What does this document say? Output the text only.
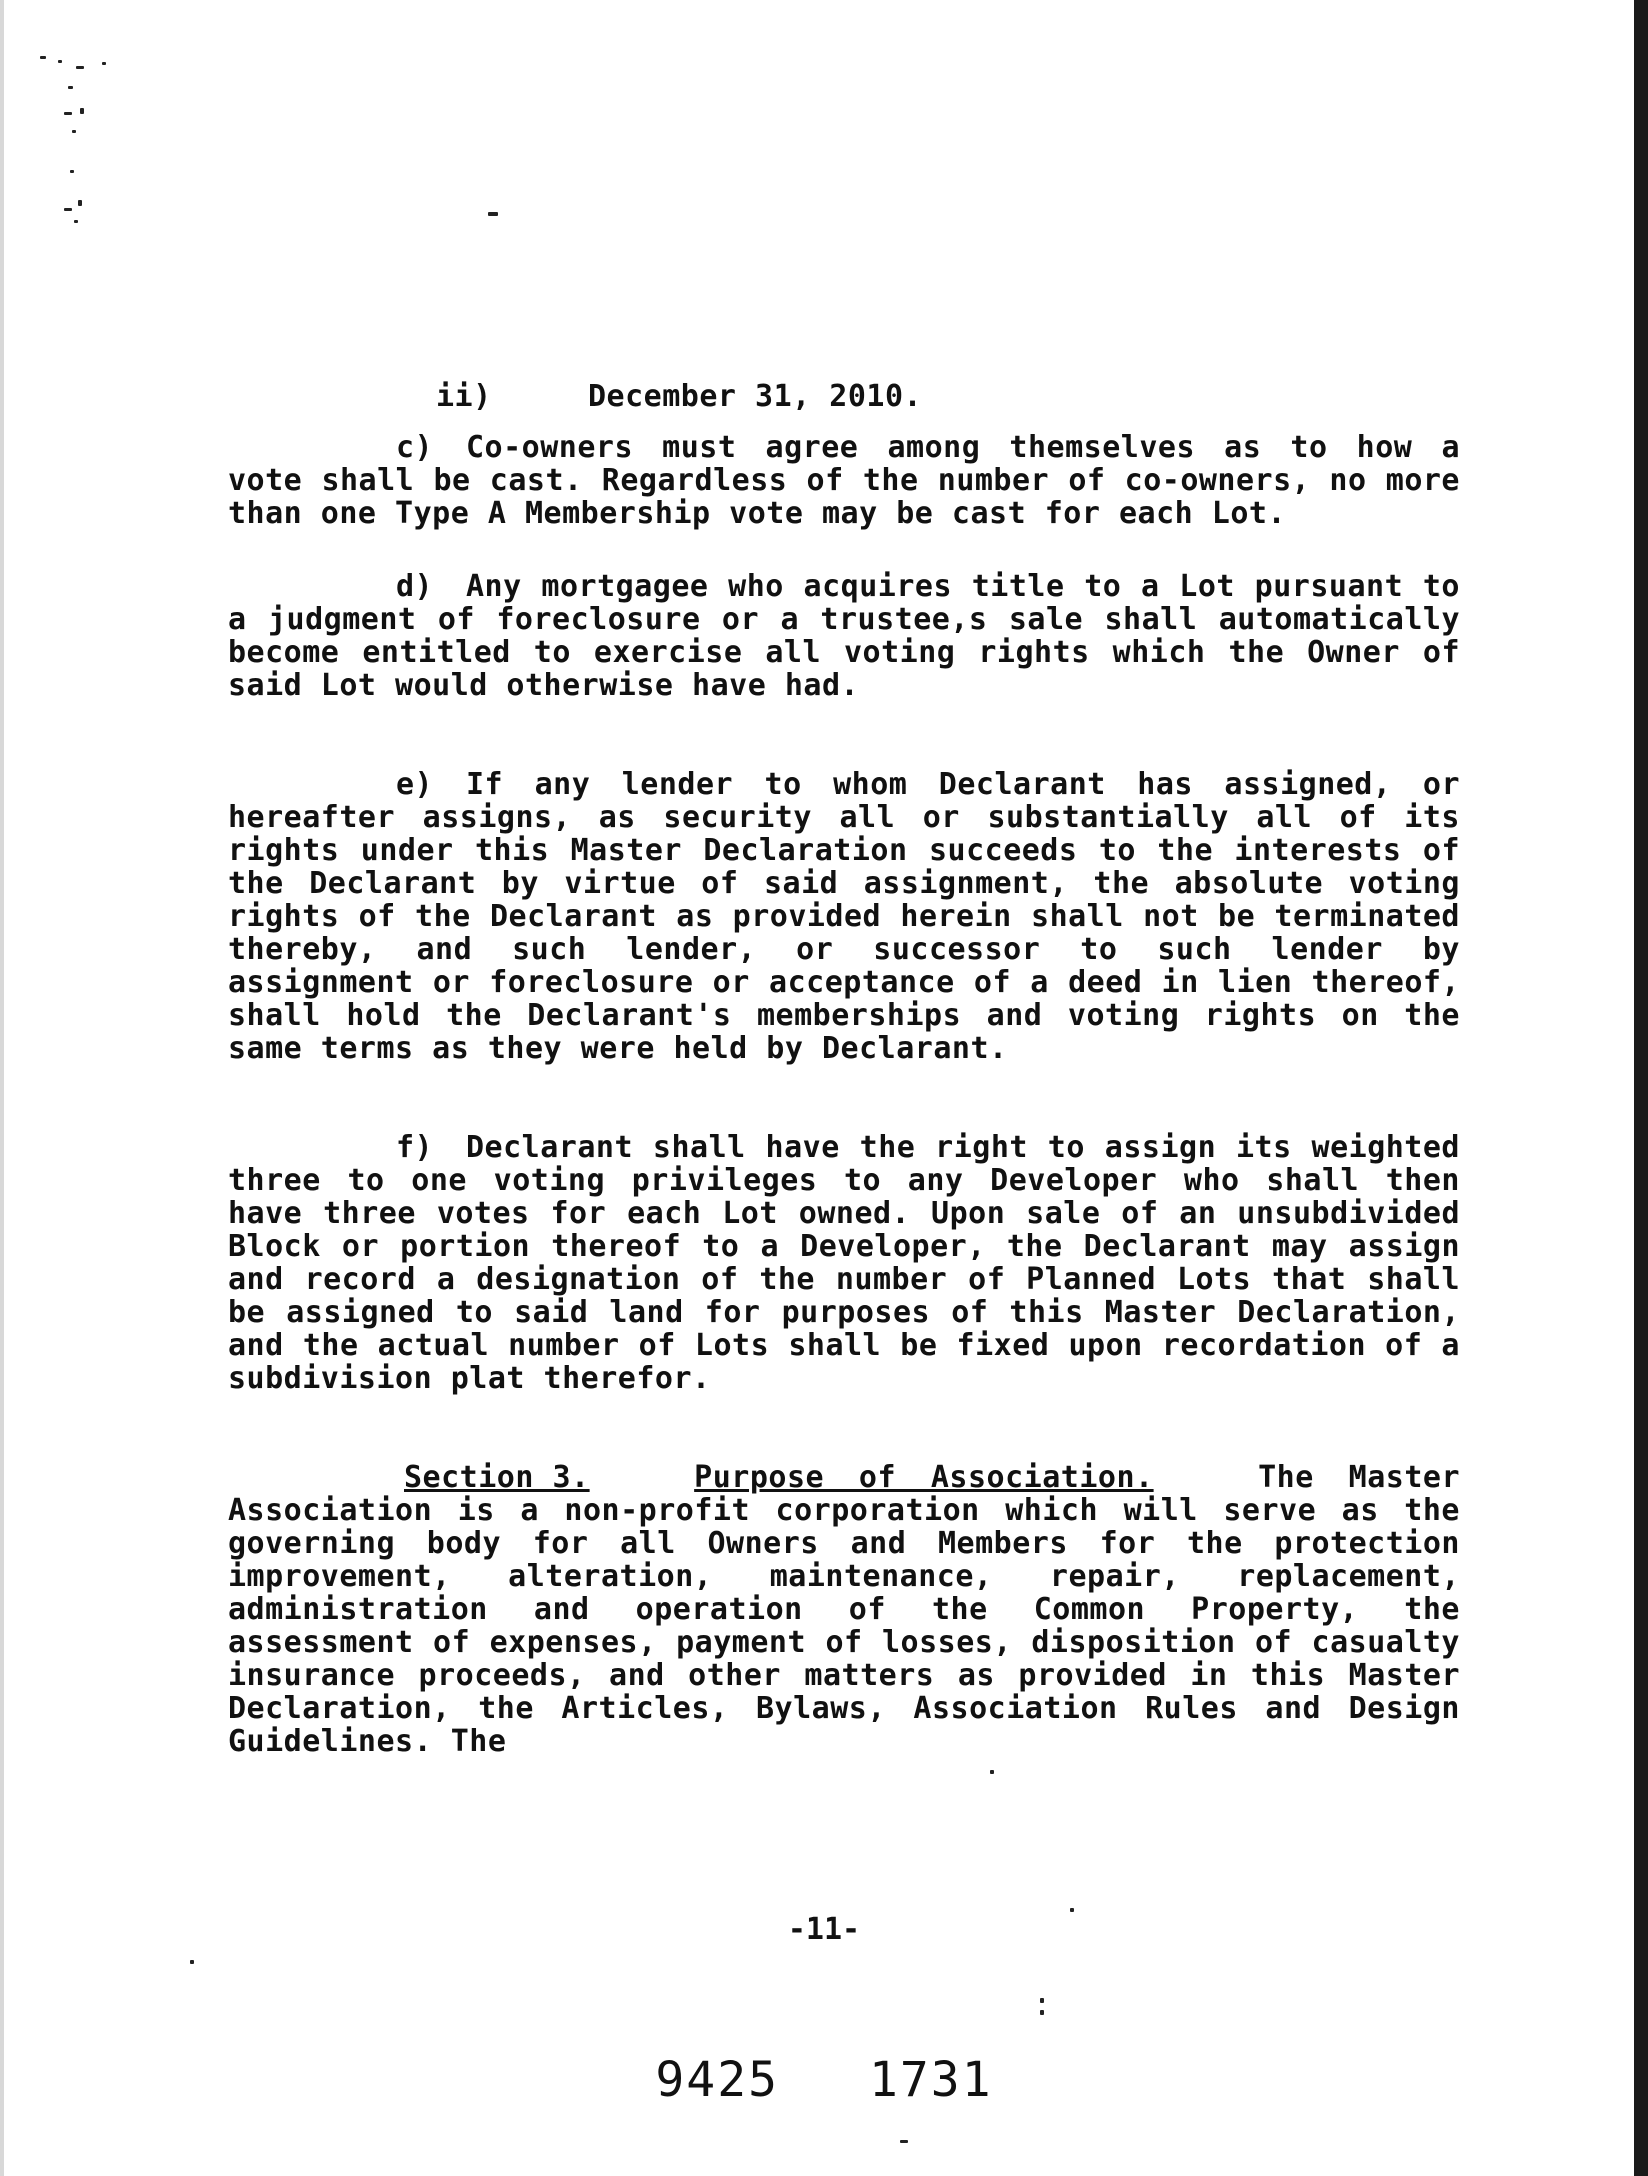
ii)	December 31, 2010.

c) Co-owners must agree among themselves as to how a vote shall be cast. Regardless of the number of co-owners, no more than one Type A Membership vote may be cast for each Lot.

d) Any mortgagee who acquires title to a Lot pursuant to a judgment of foreclosure or a trustee,s sale shall automatically become entitled to exercise all voting rights which the Owner of said Lot would otherwise have had.

e) If any lender to whom Declarant has assigned, or hereafter assigns, as security all or substantially all of its rights under this Master Declaration succeeds to the interests of the Declarant by virtue of said assignment, the absolute voting rights of the Declarant as provided herein shall not be terminated thereby, and such lender, or successor to such lender by assignment or foreclosure or acceptance of a deed in lien thereof, shall hold the Declarant's memberships and voting rights on the same terms as they were held by Declarant.

f) Declarant shall have the right to assign its weighted three to one voting privileges to any Developer who shall then have three votes for each Lot owned. Upon sale of an unsubdivided Block or portion thereof to a Developer, the Declarant may assign and record a designation of the number of Planned Lots that shall be assigned to said land for purposes of this Master Declaration, and the actual number of Lots shall be fixed upon recordation of a subdivision plat therefor.

Section 3.	Purpose of Association.	The Master Association is a non-profit corporation which will serve as the governing body for all Owners and Members for the protection improvement, alteration, maintenance, repair, replacement, administration and operation of the Common Property, the assessment of expenses, payment of losses, disposition of casualty insurance proceeds, and other matters as provided in this Master Declaration, the Articles, Bylaws, Association Rules and Design Guidelines. The

-11-
9425 1731
